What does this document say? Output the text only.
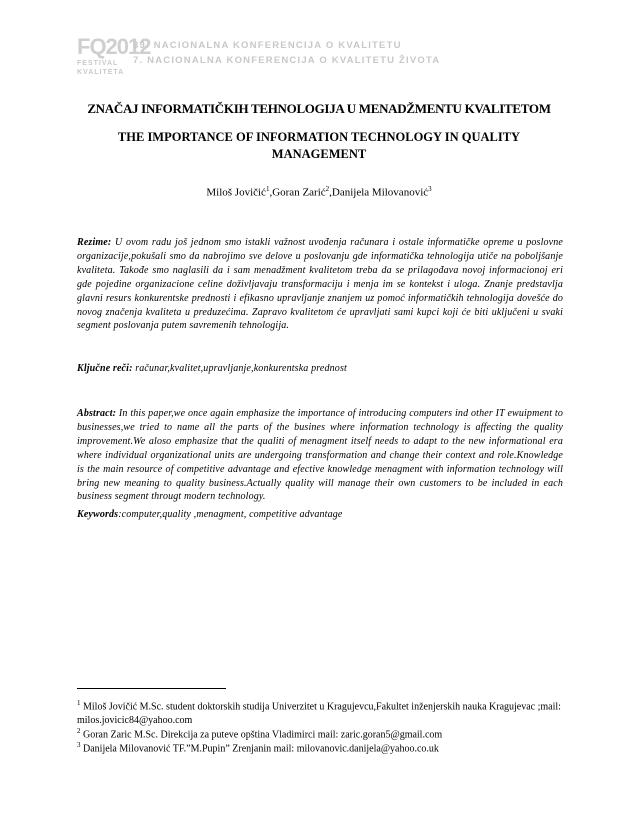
FQ2012
FESTIVAL
KVALITETA
39. NACIONALNA KONFERENCIJA O KVALITETU
7. NACIONALNA KONFERENCIJA O KVALITETU ŽIVOTA
ZNAČAJ INFORMATIČKIH TEHNOLOGIJA U MENADŽMENTU KVALITETOM
THE IMPORTANCE OF INFORMATION TECHNOLOGY IN QUALITY MANAGEMENT
Miloš Jovičić$^1$,Goran Zarić$^2$,Danijela Milovanović$^3$
Rezime: U ovom radu još jednom smo istakli važnost uvođenja računara i ostale informatičke opreme u poslovne organizacije,pokušali smo da nabrojimo sve delove u poslovanju gde informatička tehnologija utiče na poboljšanje kvaliteta. Takođe smo naglasili da i sam menadžment kvalitetom treba da se prilagođava novoj informacionoj eri gde pojedine organizacione celine doživljavaju transformaciju i menja im se kontekst i uloga. Znanje predstavlja glavni resurs konkurentske prednosti i efikasno upravljanje znanjem uz pomoć informatičkih tehnologija dovešće do novog značenja kvaliteta u preduzećima. Zapravo kvalitetom će upravljati sami kupci koji će biti uključeni u svaki segment poslovanja putem savremenih tehnologija.
Ključne reči: računar,kvalitet,upravljanje,konkurentska prednost
Abstract: In this paper,we once again emphasize the importance of introducing computers ind other IT ewuipment to businesses,we tried to name all the parts of the busines where information technology is affecting the quality improvement.We aloso emphasize that the qualiti of menagment itself needs to adapt to the new informational era where individual organizational units are undergoing transformation and change their context and role.Knowledge is the main resource of competitive advantage and efective knowledge menagment with information technology will bring new meaning to quality business.Actually quality will manage their own customers to be included in each business segment througt modern technology.
Keywords:computer,quality ,menagment, competitive advantage
$^1$ Miloš Jovičić M.Sc. student doktorskih studija Univerzitet u Kragujevcu,Fakultet inženjerskih nauka Kragujevac ;mail: milos.jovicic84@yahoo.com
$^2$ Goran Zaric M.Sc. Direkcija za puteve opština Vladimirci mail: zaric.goran5@gmail.com
$^3$ Danijela Milovanović TF.”M.Pupin” Zrenjanin mail: milovanovic.danijela@yahoo.co.uk
